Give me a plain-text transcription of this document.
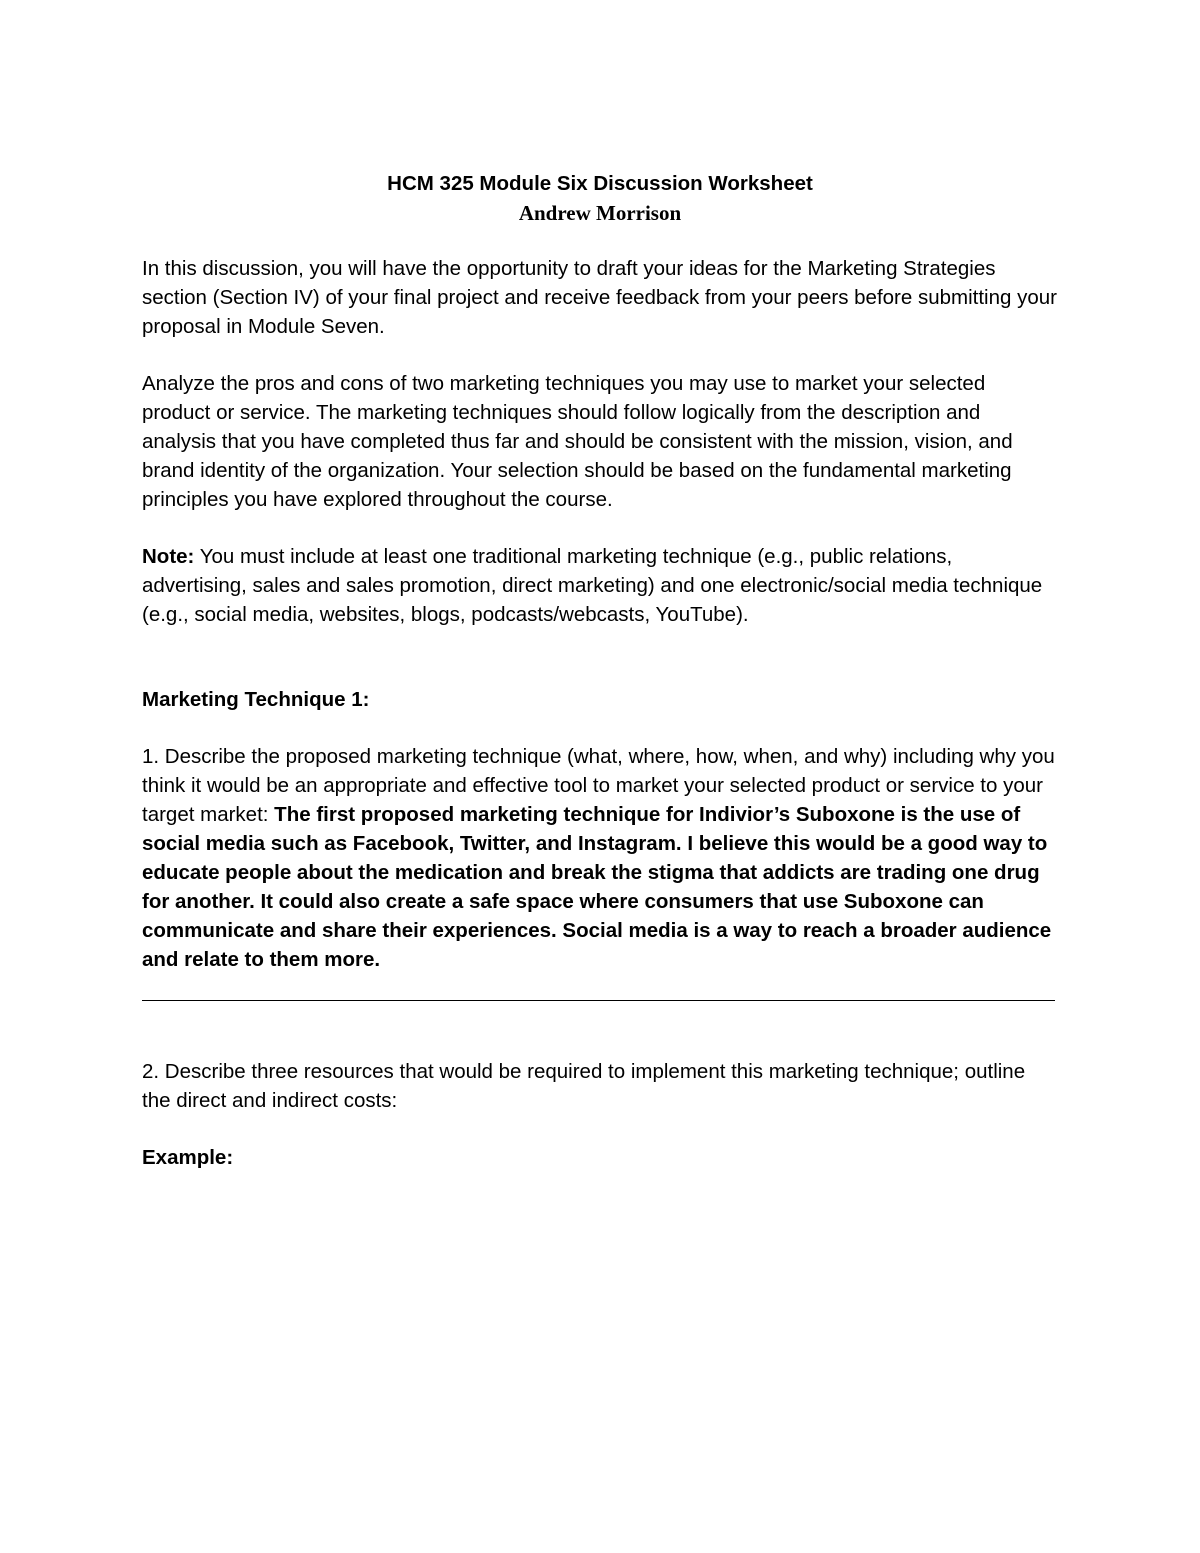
HCM 325 Module Six Discussion Worksheet

Andrew Morrison

In this discussion, you will have the opportunity to draft your ideas for the Marketing Strategies section (Section IV) of your final project and receive feedback from your peers before submitting your proposal in Module Seven.

Analyze the pros and cons of two marketing techniques you may use to market your selected product or service. The marketing techniques should follow logically from the description and analysis that you have completed thus far and should be consistent with the mission, vision, and brand identity of the organization. Your selection should be based on the fundamental marketing principles you have explored throughout the course.

Note: You must include at least one traditional marketing technique (e.g., public relations, advertising, sales and sales promotion, direct marketing) and one electronic/social media technique (e.g., social media, websites, blogs, podcasts/webcasts, YouTube).

Marketing Technique 1:

1. Describe the proposed marketing technique (what, where, how, when, and why) including why you think it would be an appropriate and effective tool to market your selected product or service to your target market: The first proposed marketing technique for Indivior’s Suboxone is the use of social media such as Facebook, Twitter, and Instagram. I believe this would be a good way to educate people about the medication and break the stigma that addicts are trading one drug for another. It could also create a safe space where consumers that use Suboxone can communicate and share their experiences. Social media is a way to reach a broader audience and relate to them more.

2. Describe three resources that would be required to implement this marketing technique; outline the direct and indirect costs:

Example:
